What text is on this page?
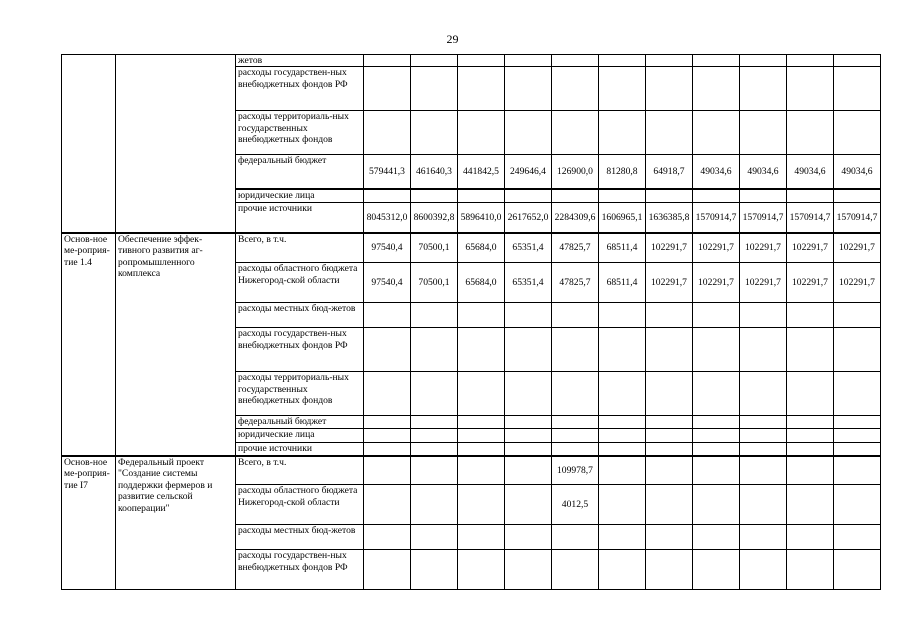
29
		жетов											
		расходы государствен-ных внебюджетных фондов РФ											
		расходы территориаль-ных государственных внебюджетных фондов											
		федеральный бюджет	579441,3	461640,3	441842,5	249646,4	126900,0	81280,8	64918,7	49034,6	49034,6	49034,6	49034,6
		юридические лица											
		прочие источники	8045312,0	8600392,8	5896410,0	2617652,0	2284309,6	1606965,1	1636385,8	1570914,7	1570914,7	1570914,7	1570914,7
Основ-ное ме-роприя-тие 1.4	Обеспечение эффек-тивного развития аг-ропромышленного комплекса	Всего, в т.ч.	97540,4	70500,1	65684,0	65351,4	47825,7	68511,4	102291,7	102291,7	102291,7	102291,7	102291,7
		расходы областного бюджета Нижегород-ской области	97540,4	70500,1	65684,0	65351,4	47825,7	68511,4	102291,7	102291,7	102291,7	102291,7	102291,7
		расходы местных бюд-жетов											
		расходы государствен-ных внебюджетных фондов РФ											
		расходы территориаль-ных государственных внебюджетных фондов											
		федеральный бюджет											
		юридические лица											
		прочие источники											
Основ-ное ме-роприя-тие I7	Федеральный проект "Создание системы поддержки фермеров и развитие сельской кооперации"	Всего, в т.ч.					109978,7						
		расходы областного бюджета Нижегород-ской области					4012,5						
		расходы местных бюд-жетов											
		расходы государствен-ных внебюджетных фондов РФ											
